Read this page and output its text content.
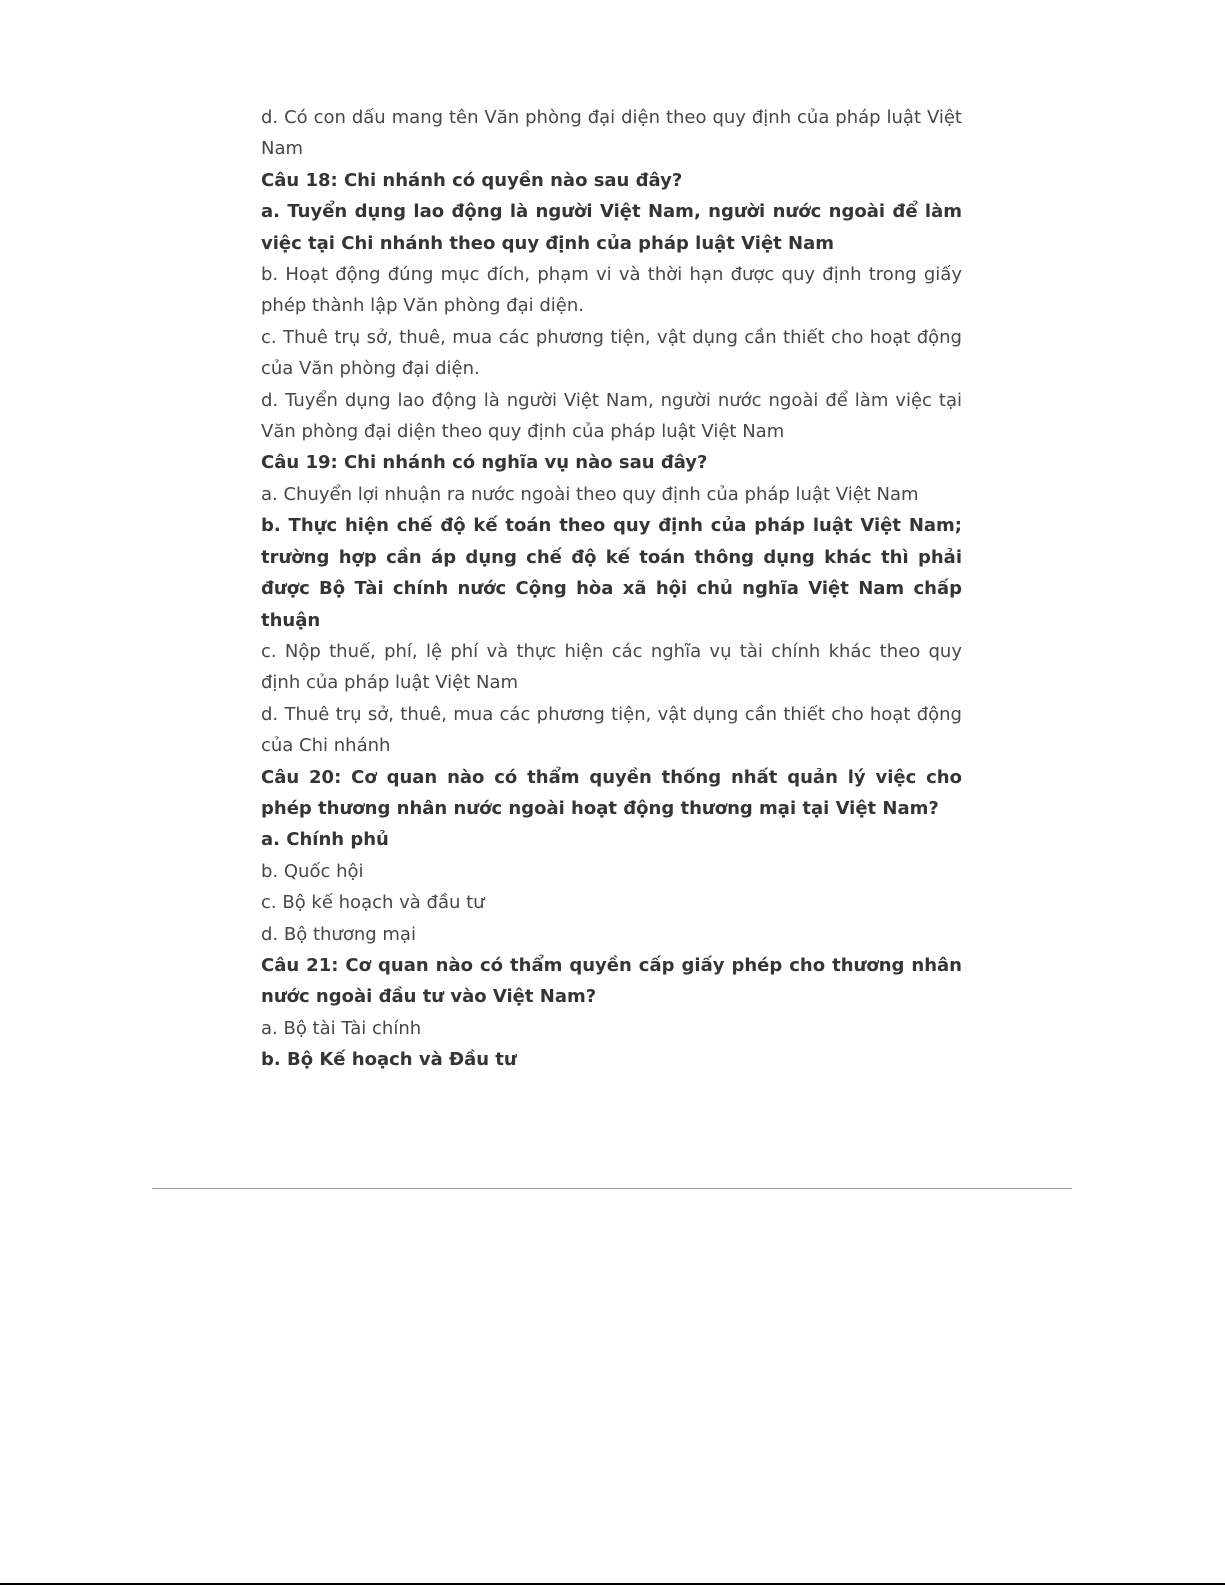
d. Có con dấu mang tên Văn phòng đại diện theo quy định của pháp luật Việt Nam

Câu 18: Chi nhánh có quyền nào sau đây?

a. Tuyển dụng lao động là người Việt Nam, người nước ngoài để làm việc tại Chi nhánh theo quy định của pháp luật Việt Nam

b. Hoạt động đúng mục đích, phạm vi và thời hạn được quy định trong giấy phép thành lập Văn phòng đại diện.

c. Thuê trụ sở, thuê, mua các phương tiện, vật dụng cần thiết cho hoạt động của Văn phòng đại diện.

d. Tuyển dụng lao động là người Việt Nam, người nước ngoài để làm việc tại Văn phòng đại diện theo quy định của pháp luật Việt Nam

Câu 19: Chi nhánh có nghĩa vụ nào sau đây?

a. Chuyển lợi nhuận ra nước ngoài theo quy định của pháp luật Việt Nam

b. Thực hiện chế độ kế toán theo quy định của pháp luật Việt Nam; trường hợp cần áp dụng chế độ kế toán thông dụng khác thì phải được Bộ Tài chính nước Cộng hòa xã hội chủ nghĩa Việt Nam chấp thuận

c. Nộp thuế, phí, lệ phí và thực hiện các nghĩa vụ tài chính khác theo quy định của pháp luật Việt Nam

d. Thuê trụ sở, thuê, mua các phương tiện, vật dụng cần thiết cho hoạt động của Chi nhánh

Câu 20: Cơ quan nào có thẩm quyền thống nhất quản lý việc cho phép thương nhân nước ngoài hoạt động thương mại tại Việt Nam?

a. Chính phủ

b. Quốc hội

c. Bộ kế hoạch và đầu tư

d. Bộ thương mại

Câu 21: Cơ quan nào có thẩm quyền cấp giấy phép cho thương nhân nước ngoài đầu tư vào Việt Nam?

a. Bộ tài Tài chính

b. Bộ Kế hoạch và Đầu tư
